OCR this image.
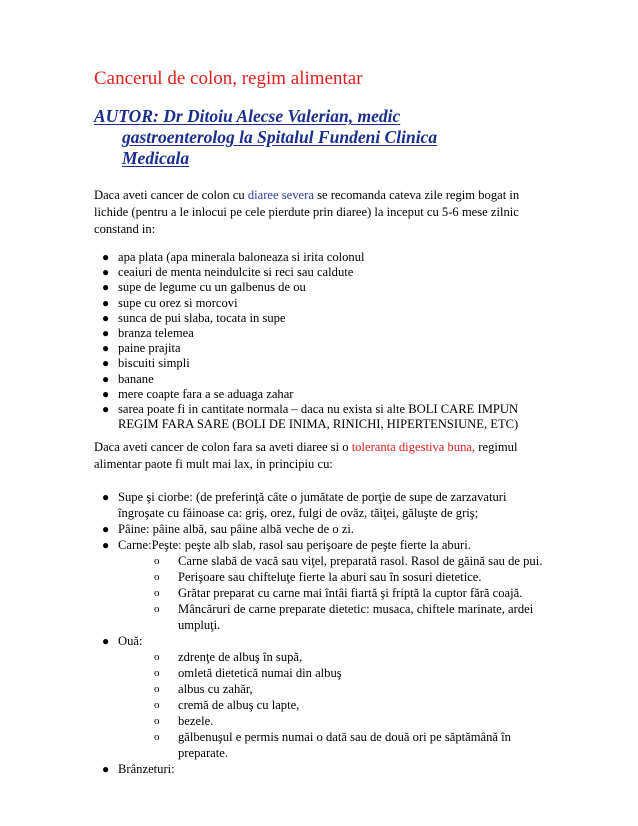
Cancerul de colon, regim alimentar
AUTOR: Dr Ditoiu Alecse Valerian, medic
gastroenterolog la Spitalul Fundeni Clinica
Medicala
Daca aveti cancer de colon cu diaree severa se recomanda cateva zile regim bogat in
lichide (pentru a le inlocui pe cele pierdute prin diaree) la inceput cu 5-6 mese zilnic
constand in:
● apa plata (apa minerala baloneaza si irita colonul
● ceaiuri de menta neindulcite si reci sau caldute
● supe de legume cu un galbenus de ou
● supe cu orez si morcovi
● sunca de pui slaba, tocata in supe
● branza telemea
● paine prajita
● biscuiti simpli
● banane
● mere coapte fara a se aduaga zahar
● sarea poate fi in cantitate normala – daca nu exista si alte BOLI CARE IMPUN
REGIM FARA SARE (BOLI DE INIMA, RINICHI, HIPERTENSIUNE, ETC)
Daca aveti cancer de colon fara sa aveti diaree si o toleranta digestiva buna, regimul
alimentar paote fi mult mai lax, in principiu cu:
● Supe şi ciorbe: (de preferinţă câte o jumătate de porţie de supe de zarzavaturi
îngroşate cu făinoase ca: griş, orez, fulgi de ovăz, tăiţei, găluşte de griş;
● Pâine: pâine albă, sau pâine albă veche de o zi.
● Carne:Peşte: peşte alb slab, rasol sau perişoare de peşte fierte la aburi.
o Carne slabă de vacă sau viţel, preparată rasol. Rasol de găină sau de pui.
o Perişoare sau chifteluţe fierte la aburi sau în sosuri dietetice.
o Grătar preparat cu carne mai întâi fiartă şi friptă la cuptor fără coajă.
o Mâncăruri de carne preparate dietetic: musaca, chiftele marinate, ardei
umpluţi.
● Ouă:
o zdrenţe de albuş în supă,
o omletă dietetică numai din albuş
o albus cu zahăr,
o cremă de albuş cu lapte,
o bezele.
o gălbenuşul e permis numai o dată sau de două ori pe săptămână în
preparate.
● Brânzeturi:
